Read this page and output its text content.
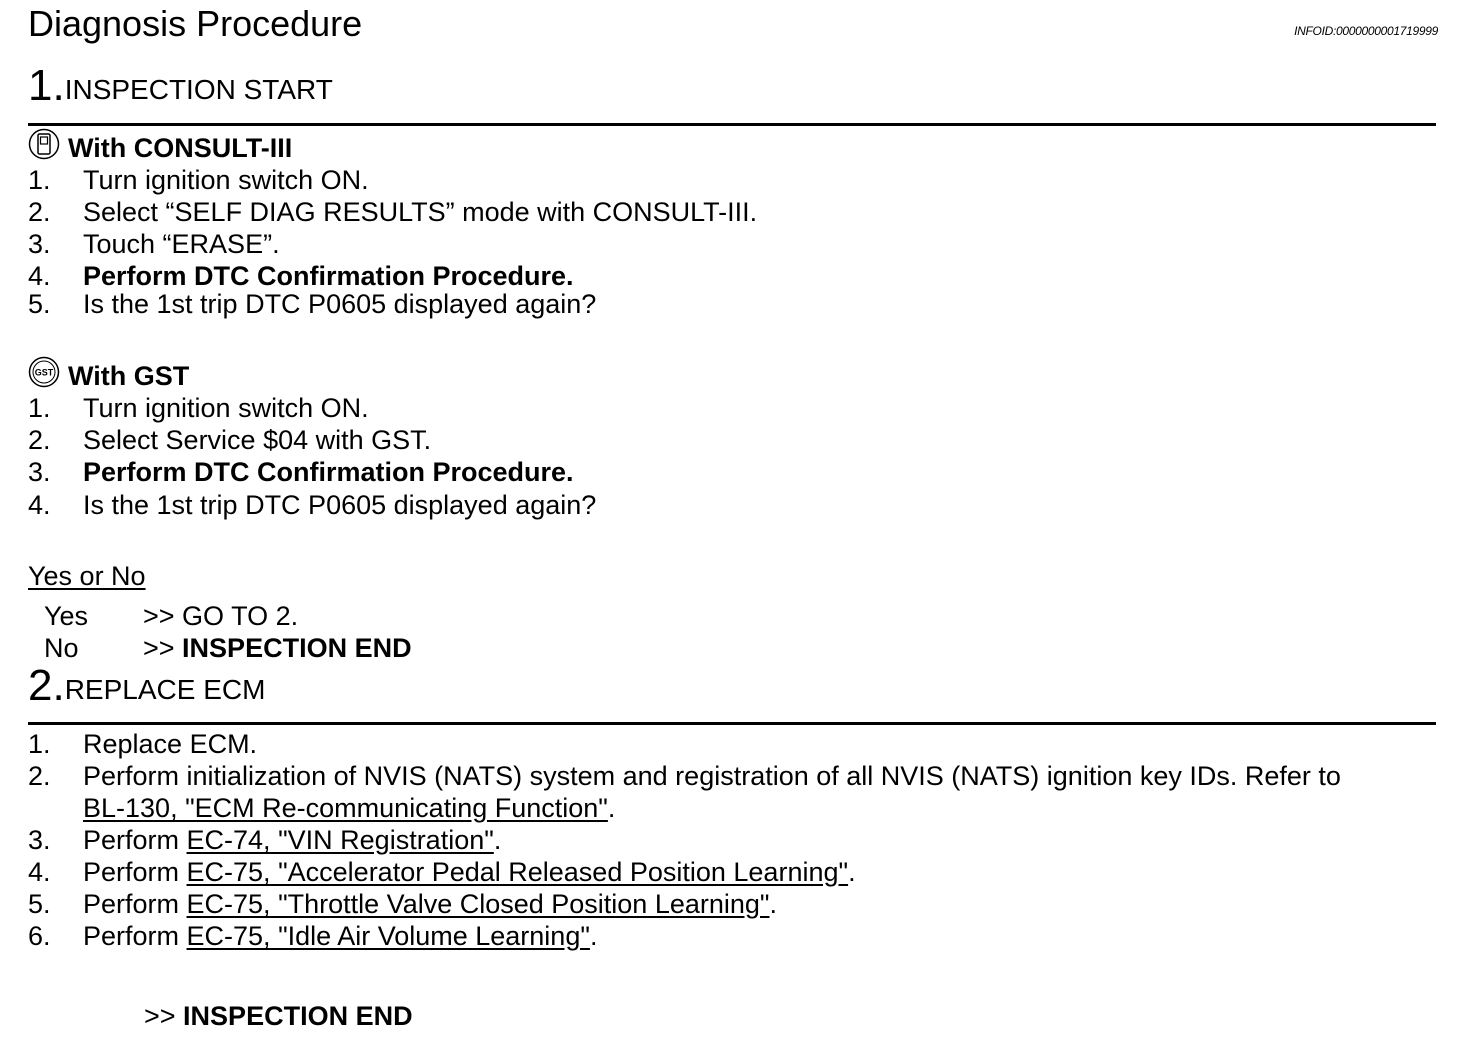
Diagnosis Procedure	INFOID:0000000001719999
1.INSPECTION START
With CONSULT-III
1. Turn ignition switch ON.
2. Select “SELF DIAG RESULTS” mode with CONSULT-III.
3. Touch “ERASE”.
4. Perform DTC Confirmation Procedure.
5. Is the 1st trip DTC P0605 displayed again?
GST With GST
1. Turn ignition switch ON.
2. Select Service $04 with GST.
3. Perform DTC Confirmation Procedure.
4. Is the 1st trip DTC P0605 displayed again?
Yes or No
Yes >> GO TO 2.
No >> INSPECTION END
2.REPLACE ECM
1. Replace ECM.
2. Perform initialization of NVIS (NATS) system and registration of all NVIS (NATS) ignition key IDs. Refer to
BL-130, "ECM Re-communicating Function".
3. Perform EC-74, "VIN Registration".
4. Perform EC-75, "Accelerator Pedal Released Position Learning".
5. Perform EC-75, "Throttle Valve Closed Position Learning".
6. Perform EC-75, "Idle Air Volume Learning".
>> INSPECTION END
